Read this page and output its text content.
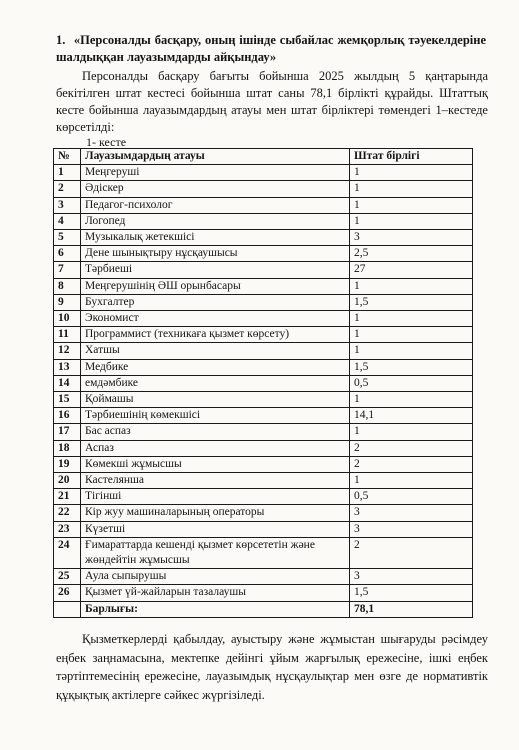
1. «Персоналды басқару, оның ішінде сыбайлас жемқорлық тәуекелдеріне шалдыққан лауазымдарды айқындау»
Персоналды басқару бағыты бойынша 2025 жылдың 5 қаңтарында бекітілген штат кестесі бойынша штат саны 78,1 бірлікті құрайды. Штаттық кесте бойынша лауазымдардың атауы мен штат бірліктері төмендегі 1–кестеде көрсетілді:
1- кесте
№	Лауазымдардың атауы	Штат бірлігі
1	Меңгеруші	1
2	Әдіскер	1
3	Педагог-психолог	1
4	Логопед	1
5	Музыкалық жетекшісі	3
6	Дене шынықтыру нұсқаушысы	2,5
7	Тәрбиеші	27
8	Меңгерушінің ӘШ орынбасары	1
9	Бухгалтер	1,5
10	Экономист	1
11	Программист (техникаға қызмет көрсету)	1
12	Хатшы	1
13	Медбике	1,5
14	емдәмбике	0,5
15	Қоймашы	1
16	Тәрбиешінің көмекшісі	14,1
17	Бас аспаз	1
18	Аспаз	2
19	Көмекші жұмысшы	2
20	Кастелянша	1
21	Тігінші	0,5
22	Кір жуу машиналарының операторы	3
23	Күзетші	3
24	Ғимараттарда кешенді қызмет көрсететін және жөндейтін жұмысшы	2
25	Аула сыпырушы	3
26	Қызмет үй-жайларын тазалаушы	1,5
	Барлығы:	78,1
Қызметкерлерді қабылдау, ауыстыру және жұмыстан шығаруды рәсімдеу еңбек заңнамасына, мектепке дейінгі ұйым жарғылық ережесіне, ішкі еңбек тәртіптемесінің ережесіне, лауазымдық нұсқаулықтар мен өзге де нормативтік құқықтық актілерге сәйкес жүргізіледі.
